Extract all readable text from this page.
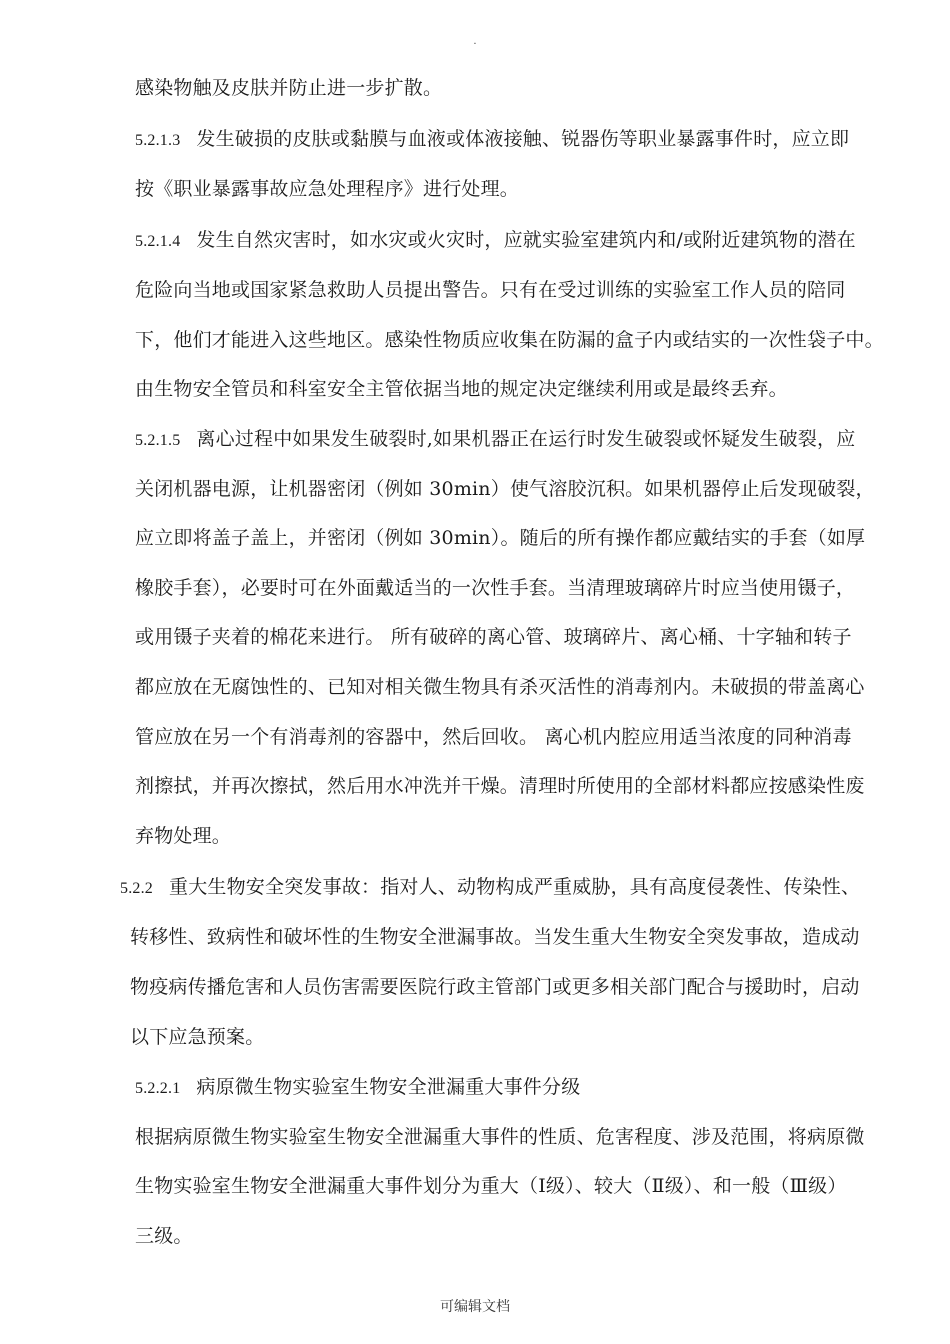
.
感染物触及皮肤并防止进一步扩散。
5.2.1.3 发生破损的皮肤或黏膜与血液或体液接触、锐器伤等职业暴露事件时，应立即
按《职业暴露事故应急处理程序》进行处理。
5.2.1.4 发生自然灾害时，如水灾或火灾时，应就实验室建筑内和/或附近建筑物的潜在
危险向当地或国家紧急救助人员提出警告。只有在受过训练的实验室工作人员的陪同
下，他们才能进入这些地区。感染性物质应收集在防漏的盒子内或结实的一次性袋子中。
由生物安全管员和科室安全主管依据当地的规定决定继续利用或是最终丢弃。
5.2.1.5 离心过程中如果发生破裂时,如果机器正在运行时发生破裂或怀疑发生破裂，应
关闭机器电源，让机器密闭（例如 30min）使气溶胶沉积。如果机器停止后发现破裂，
应立即将盖子盖上，并密闭（例如 30min）。随后的所有操作都应戴结实的手套（如厚
橡胶手套），必要时可在外面戴适当的一次性手套。当清理玻璃碎片时应当使用镊子，
或用镊子夹着的棉花来进行。 所有破碎的离心管、玻璃碎片、离心桶、十字轴和转子
都应放在无腐蚀性的、已知对相关微生物具有杀灭活性的消毒剂内。未破损的带盖离心
管应放在另一个有消毒剂的容器中，然后回收。 离心机内腔应用适当浓度的同种消毒
剂擦拭，并再次擦拭，然后用水冲洗并干燥。清理时所使用的全部材料都应按感染性废
弃物处理。
5.2.2 重大生物安全突发事故：指对人、动物构成严重威胁，具有高度侵袭性、传染性、
转移性、致病性和破坏性的生物安全泄漏事故。当发生重大生物安全突发事故，造成动
物疫病传播危害和人员伤害需要医院行政主管部门或更多相关部门配合与援助时，启动
以下应急预案。
5.2.2.1 病原微生物实验室生物安全泄漏重大事件分级
根据病原微生物实验室生物安全泄漏重大事件的性质、危害程度、涉及范围，将病原微
生物实验室生物安全泄漏重大事件划分为重大（Ⅰ级）、较大（Ⅱ级）、和一般（Ⅲ级）
三级。
可编辑文档
